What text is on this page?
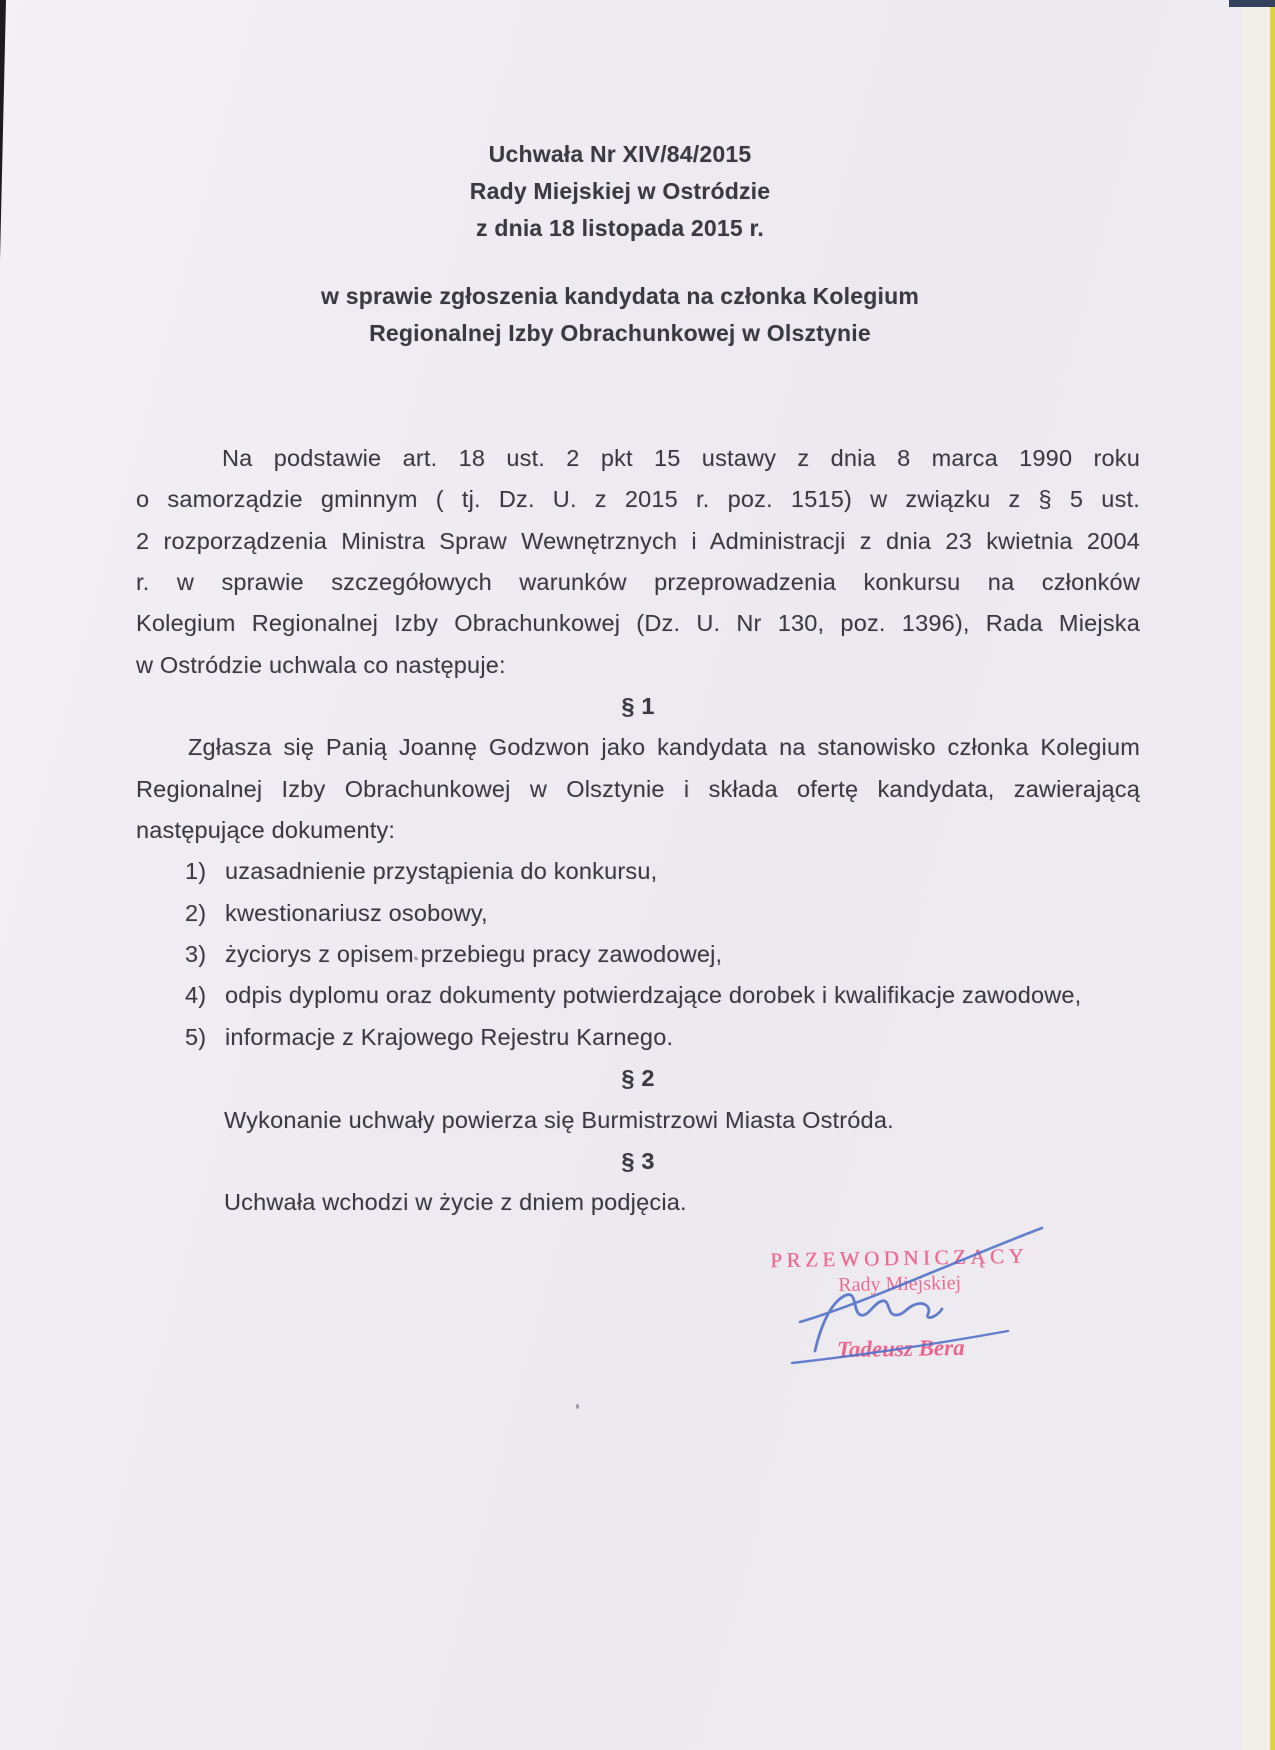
Uchwała Nr XIV/84/2015
Rady Miejskiej w Ostródzie
z dnia 18 listopada 2015 r.
w sprawie zgłoszenia kandydata na członka Kolegium
Regionalnej Izby Obrachunkowej w Olsztynie
Na podstawie art. 18 ust. 2 pkt 15 ustawy z dnia 8 marca 1990 roku
o samorządzie gminnym ( tj. Dz. U. z 2015 r. poz. 1515) w związku z § 5 ust.
2 rozporządzenia Ministra Spraw Wewnętrznych i Administracji z dnia 23 kwietnia 2004
r. w sprawie szczegółowych warunków przeprowadzenia konkursu na członków
Kolegium Regionalnej Izby Obrachunkowej (Dz. U. Nr 130, poz. 1396), Rada Miejska
w Ostródzie uchwala co następuje:
§ 1
Zgłasza się Panią Joannę Godzwon jako kandydata na stanowisko członka Kolegium
Regionalnej Izby Obrachunkowej w Olsztynie i składa ofertę kandydata, zawierającą
następujące dokumenty:
1) uzasadnienie przystąpienia do konkursu,
2) kwestionariusz osobowy,
3) życiorys z opisem przebiegu pracy zawodowej,
4) odpis dyplomu oraz dokumenty potwierdzające dorobek i kwalifikacje zawodowe,
5) informacje z Krajowego Rejestru Karnego.
§ 2
Wykonanie uchwały powierza się Burmistrzowi Miasta Ostróda.
§ 3
Uchwała wchodzi w życie z dniem podjęcia.
PRZEWODNICZĄCY
Rady Miejskiej
Tadeusz Bera
